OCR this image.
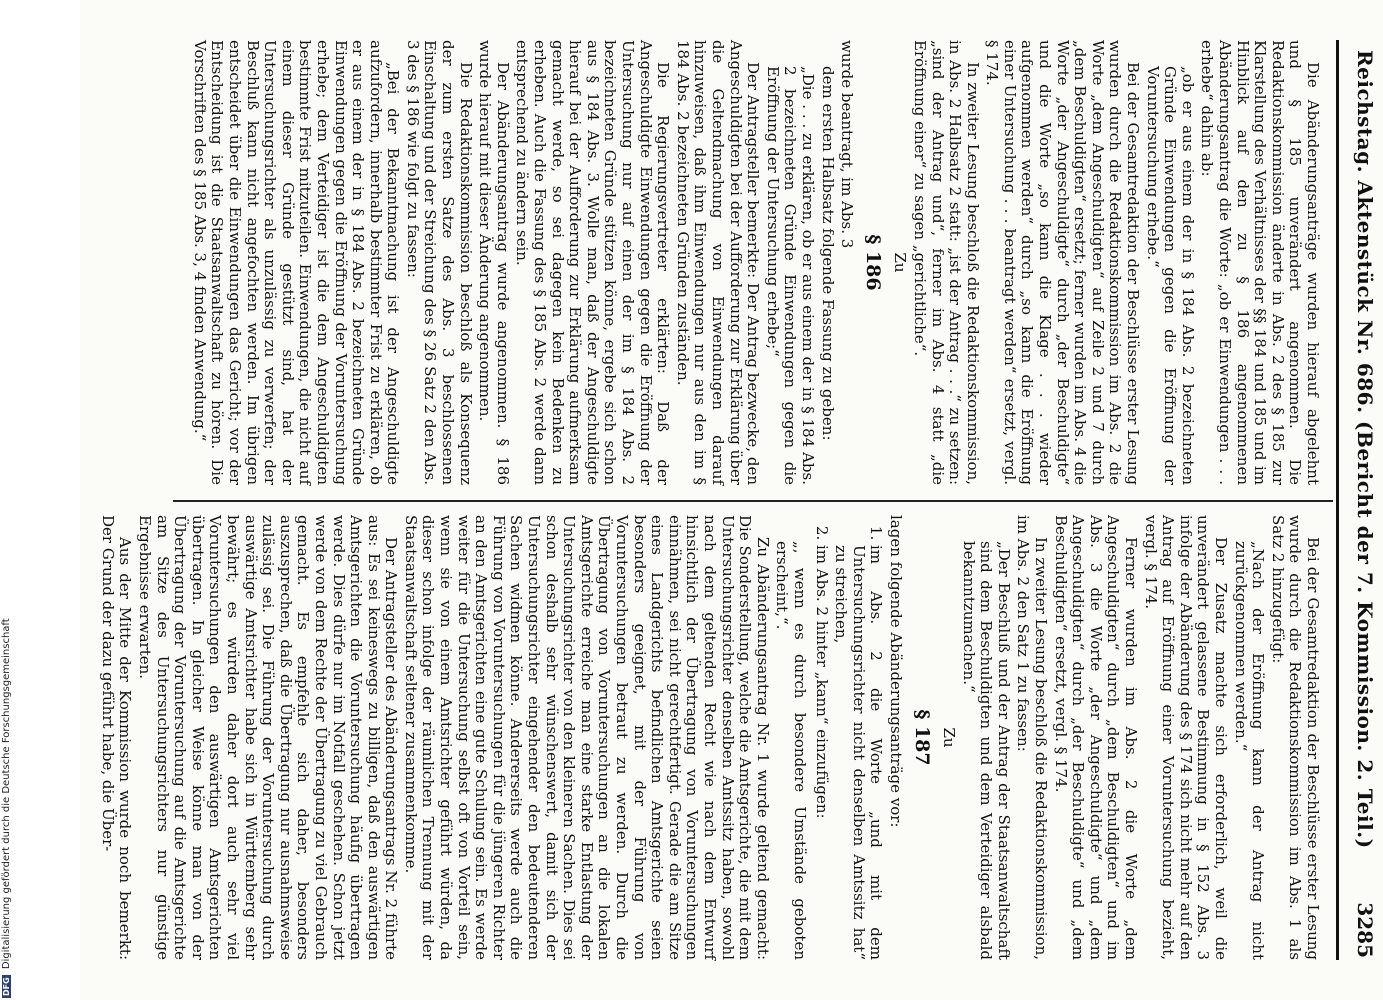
Reichstag. Aktenstück Nr. 686. (Bericht der 7. Kommission. 2. Teil.)
3285

Die Abänderungsanträge wurden hierauf abgelehnt und § 185 unverändert angenommen. Die Redaktionskommission änderte in Abs. 2 des § 185 zur Klarstellung des Verhältnisses der §§ 184 und 185 und im Hinblick auf den zu § 186 angenommenen Abänderungsantrag die Worte: „ob er Einwendungen . . . erhebe“ dahin ab:

„ob er aus einem der in § 184 Abs. 2 bezeichneten Gründe Einwendungen gegen die Eröffnung der Voruntersuchung erhebe.“

Bei der Gesamtredaktion der Beschlüsse erster Lesung wurden durch die Redaktionskommission im Abs. 2 die Worte „dem Angeschuldigten“ auf Zeile 2 und 7 durch „dem Beschuldigten“ ersetzt; ferner wurden im Abs. 4 die Worte „der Angeschuldigte“ durch „der Beschuldigte“ und die Worte „so kann die Klage . . . wieder aufgenommen werden“ durch „so kann die Eröffnung einer Untersuchung . . . beantragt werden“ ersetzt, vergl. § 174.

In zweiter Lesung beschloß die Redaktionskommission, in Abs. 2 Halbsatz 2 statt: „ist der Antrag . . .“ zu setzen: „sind der Antrag und“, ferner im Abs. 4 statt „die Eröffnung einer“ zu sagen „gerichtliche“.

Zu

§ 186

wurde beantragt, im Abs. 3

dem ersten Halbsatz folgende Fassung zu geben:

„Die . . . zu erklären, ob er aus einem der in § 184 Abs. 2 bezeichneten Gründe Einwendungen gegen die Eröffnung der Untersuchung erhebe;“

Der Antragsteller bemerkte: Der Antrag bezwecke, den Angeschuldigten bei der Aufforderung zur Erklärung über die Geltendmachung von Einwendungen darauf hinzuweisen, daß ihm Einwendungen nur aus den im § 184 Abs. 2 bezeichneten Gründen zuständen.

Die Regierungsvertreter erklärten: Daß der Angeschuldigte Einwendungen gegen die Eröffnung der Untersuchung nur auf einen der im § 184 Abs. 2 bezeichneten Gründe stützen könne, ergebe sich schon aus § 184 Abs. 3. Wolle man, daß der Angeschuldigte hierauf bei der Aufforderung zur Erklärung aufmerksam gemacht werde, so sei dagegen kein Bedenken zu erheben. Auch die Fassung des § 185 Abs. 2 werde dann entsprechend zu ändern sein.

Der Abänderungsantrag wurde angenommen. § 186 wurde hierauf mit dieser Änderung angenommen.

Die Redaktionskommission beschloß als Konsequenz der zum ersten Satze des Abs. 3 beschlossenen Einschaltung und der Streichung des § 26 Satz 2 den Abs. 3 des § 186 wie folgt zu fassen:

„Bei der Bekanntmachung ist der Angeschuldigte aufzufordern, innerhalb bestimmter Frist zu erklären, ob er aus einem der in § 184 Abs. 2 bezeichneten Gründe Einwendungen gegen die Eröffnung der Voruntersuchung erhebe; dem Verteidiger ist die dem Angeschuldigten bestimmte Frist mitzuteilen. Einwendungen, die nicht auf einem dieser Gründe gestützt sind, hat der Untersuchungsrichter als unzulässig zu verwerfen; der Beschluß kann nicht angefochten werden. Im übrigen entscheidet über die Einwendungen das Gericht; vor der Entscheidung ist die Staatsanwaltschaft zu hören. Die Vorschriften des § 185 Abs. 3, 4 finden Anwendung.“

Bei der Gesamtredaktion der Beschlüsse erster Lesung wurde durch die Redaktionskommission im Abs. 1 als Satz 2 hinzugefügt:

„Nach der Eröffnung kann der Antrag nicht zurückgenommen werden.“

Der Zusatz machte sich erforderlich, weil die unverändert gelassene Bestimmung in § 152 Abs. 3 infolge der Abänderung des § 174 sich nicht mehr auf den Antrag auf Eröffnung einer Voruntersuchung bezieht, vergl. § 174.

Ferner wurden im Abs. 2 die Worte „dem Angeschuldigten“ durch „dem Beschuldigten“ und im Abs. 3 die Worte „der Angeschuldigte“ und „dem Angeschuldigten“ durch „der Beschuldigte“ und „dem Beschuldigten“ ersetzt, vergl. § 174.

In zweiter Lesung beschloß die Redaktionskommission, im Abs. 2 den Satz 1 zu fassen:

„Der Beschluß und der Antrag der Staatsanwaltschaft sind dem Beschuldigten und dem Verteidiger alsbald bekanntzumachen.“

Zu

§ 187

lagen folgende Abänderungsanträge vor:

1. im Abs. 2 die Worte „und mit dem Untersuchungsrichter nicht denselben Amtssitz hat“ zu streichen,
2. im Abs. 2 hinter „kann“ einzufügen:

„, wenn es durch besondere Umstände geboten erscheint,“.

Zu Abänderungsantrag Nr. 1 wurde geltend gemacht: Die Sonderstellung, welche die Amtsgerichte, die mit dem Untersuchungsrichter denselben Amtssitz haben, sowohl nach dem geltenden Recht wie nach dem Entwurf hinsichtlich der Übertragung von Voruntersuchungen einnähmen, sei nicht gerechtfertigt. Gerade die am Sitze eines Landgerichts befindlichen Amtsgerichte seien besonders geeignet, mit der Führung von Voruntersuchungen betraut zu werden. Durch die Übertragung von Voruntersuchungen an die lokalen Amtsgerichte erreiche man eine starke Entlastung der Untersuchungsrichter von den kleineren Sachen. Dies sei schon deshalb sehr wünschenswert, damit sich der Untersuchungsrichter eingehender den bedeutenderen Sachen widmen könne. Andererseits werde auch die Führung von Voruntersuchungen für die jüngeren Richter an den Amtsgerichten eine gute Schulung sein. Es werde weiter für die Untersuchung selbst oft von Vorteil sein, wenn sie von einem Amtsrichter geführt würden, da dieser schon infolge der räumlichen Trennung mit der Staatsanwaltschaft seltener zusammenkomme.

Der Antragsteller des Abänderungsantrags Nr. 2 führte aus: Es sei keineswegs zu billigen, daß den auswärtigen Amtsgerichten die Voruntersuchung häufig übertragen werde. Dies dürfe nur im Notfall geschehen. Schon jetzt werde von dem Rechte der Übertragung zu viel Gebrauch gemacht. Es empfehle sich daher, besonders auszusprechen, daß die Übertragung nur ausnahmsweise zulässig sei. Die Führung der Voruntersuchung durch auswärtige Amtsrichter habe sich in Württemberg sehr bewährt; es würden daher dort auch sehr viel Voruntersuchungen den auswärtigen Amtsgerichten übertragen. In gleicher Weise könne man von der Übertragung der Voruntersuchung auf die Amtsgerichte am Sitze des Untersuchungsrichters nur günstige Ergebnisse erwarten.

Aus der Mitte der Kommission wurde noch bemerkt: Der Grund der dazu geführt habe, die Über-

DFG Digitalisierung gefördert durch die Deutsche Forschungsgemeinschaft
